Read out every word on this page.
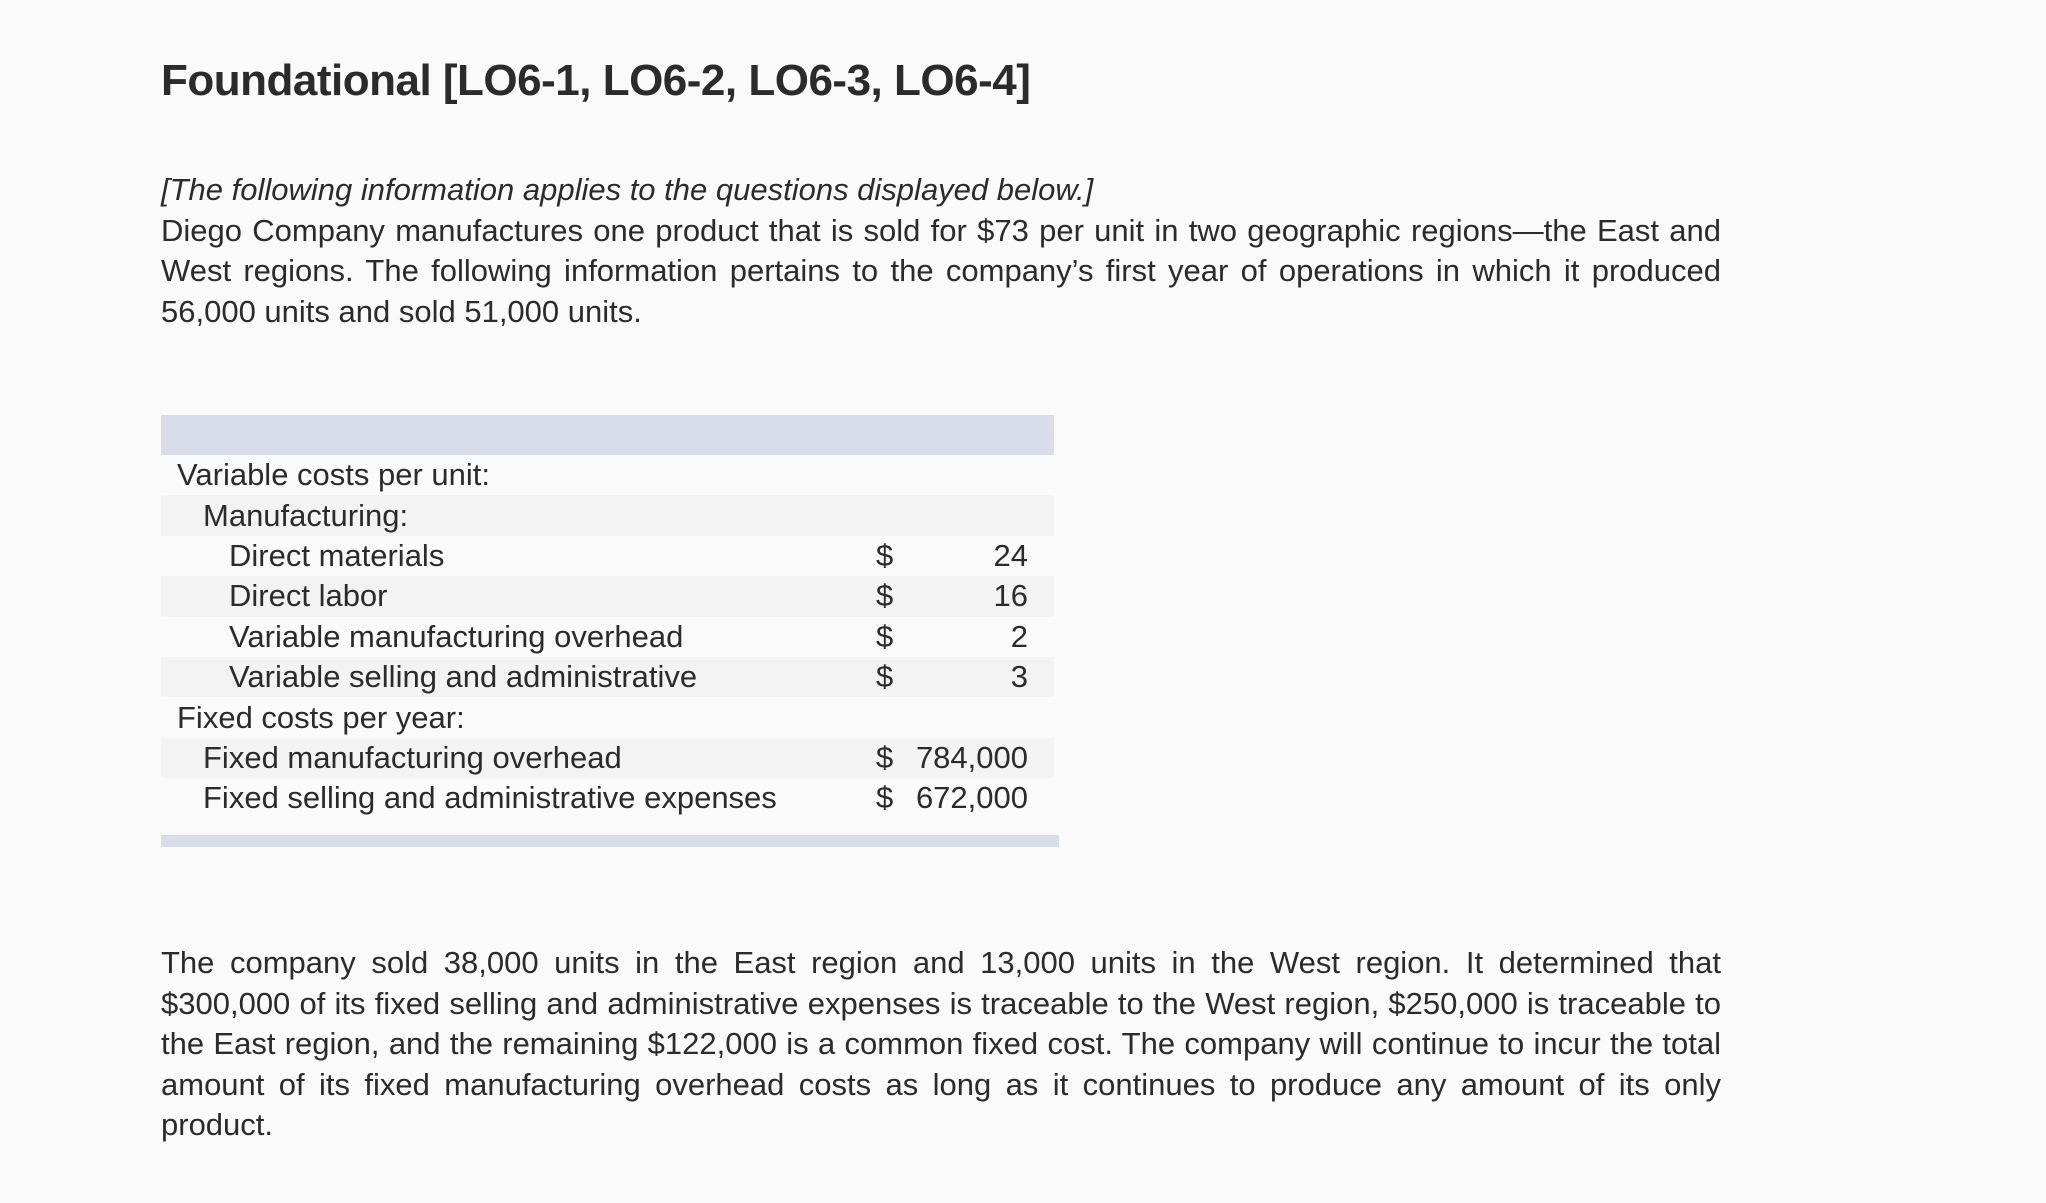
Foundational [LO6-1, LO6-2, LO6-3, LO6-4]
[The following information applies to the questions displayed below.]
Diego Company manufactures one product that is sold for $73 per unit in two geographic regions—the East and West regions. The following information pertains to the company’s first year of operations in which it produced 56,000 units and sold 51,000 units.
Variable costs per unit:		
Manufacturing:		
Direct materials	$	24
Direct labor	$	16
Variable manufacturing overhead	$	2
Variable selling and administrative	$	3
Fixed costs per year:		
Fixed manufacturing overhead	$	784,000
Fixed selling and administrative expenses	$	672,000
The company sold 38,000 units in the East region and 13,000 units in the West region. It determined that $300,000 of its fixed selling and administrative expenses is traceable to the West region, $250,000 is traceable to the East region, and the remaining $122,000 is a common fixed cost. The company will continue to incur the total amount of its fixed manufacturing overhead costs as long as it continues to produce any amount of its only product.
